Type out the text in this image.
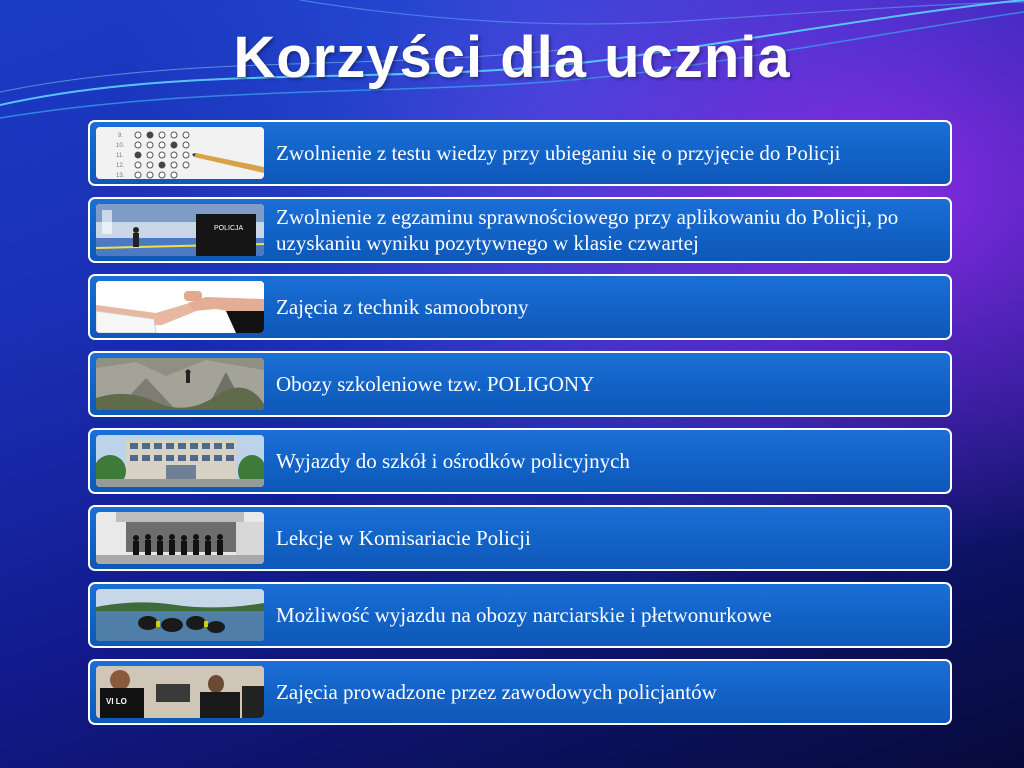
Korzyści dla ucznia
9.
10.
11.
12.
13.
Zwolnienie z testu wiedzy przy ubieganiu się o przyjęcie do Policji
POLICJA Zwolnienie z egzaminu sprawnościowego przy aplikowaniu do Policji, po uzyskaniu wyniku pozytywnego w klasie czwartej
Zajęcia z technik samoobrony
Obozy szkoleniowe tzw. POLIGONY
Wyjazdy do szkół i ośrodków policyjnych
Lekcje w Komisariacie Policji
Możliwość wyjazdu na obozy narciarskie i płetwonurkowe
VI LO	Zajęcia prowadzone przez zawodowych policjantów
